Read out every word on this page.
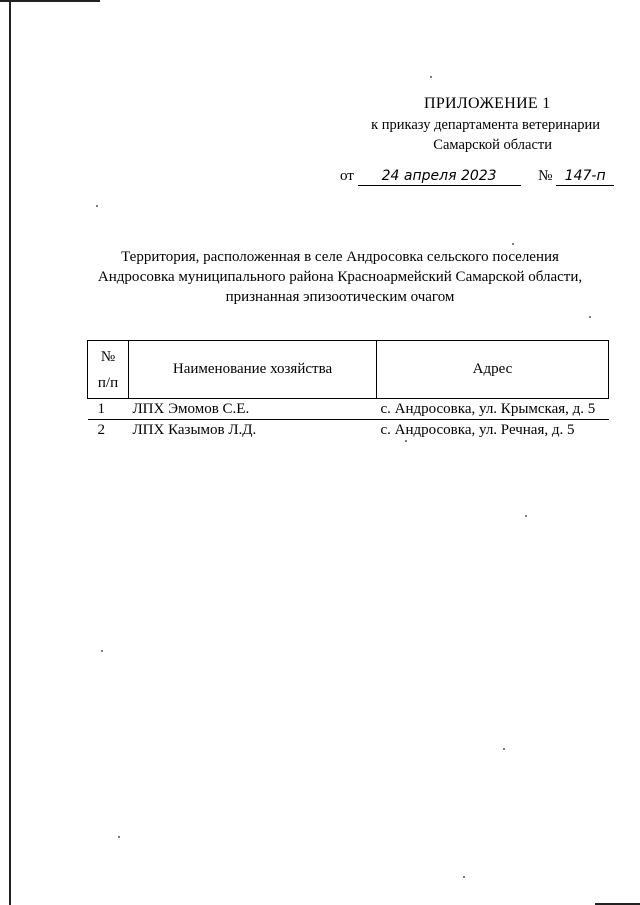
ПРИЛОЖЕНИЕ 1
к приказу департамента ветеринарии
Самарской области
от 24 апреля 2023	№ 147-п
Территория, расположенная в селе Андросовка сельского поселения
Андросовка муниципального района Красноармейский Самарской области,
признанная эпизоотическим очагом
№
п/п	Наименование хозяйства	Адрес
1	ЛПХ Эмомов С.Е.	с. Андросовка, ул. Крымская, д. 5
2	ЛПХ Казымов Л.Д.	с. Андросовка, ул. Речная, д. 5
